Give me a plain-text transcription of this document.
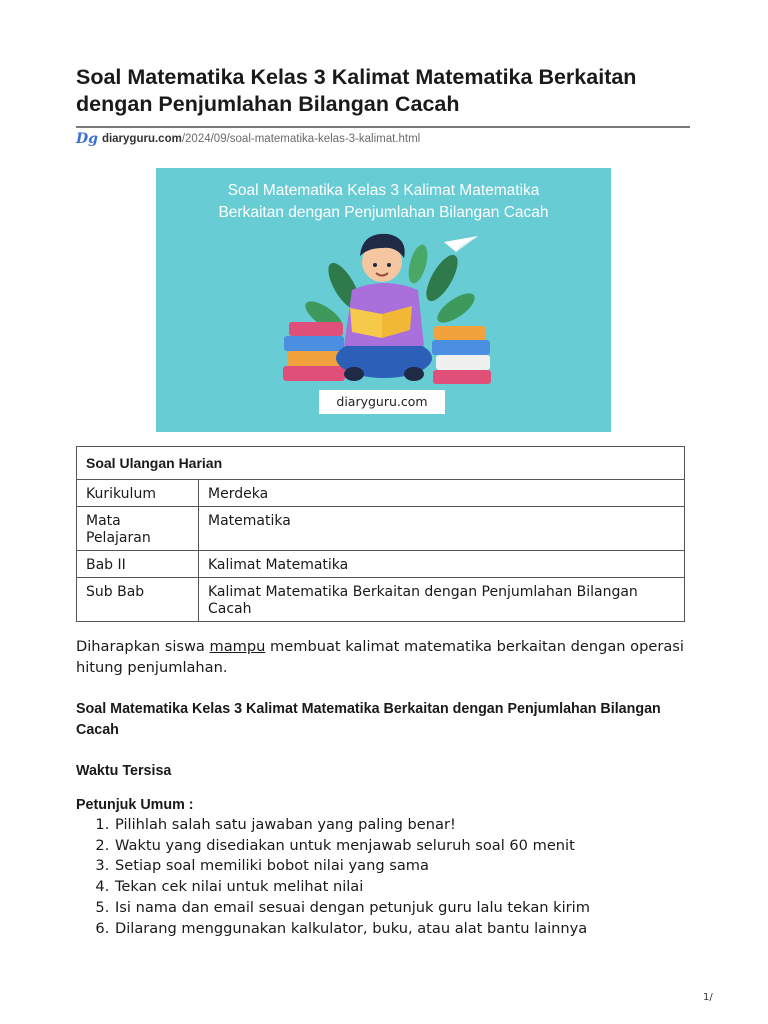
Soal Matematika Kelas 3 Kalimat Matematika Berkaitan dengan Penjumlahan Bilangan Cacah
Dg diaryguru.com /2024/09/soal-matematika-kelas-3-kalimat.html
Soal Matematika Kelas 3 Kalimat Matematika
Berkaitan dengan Penjumlahan Bilangan Cacah
diaryguru.com
Soal Ulangan Harian	
Kurikulum	Merdeka
Mata Pelajaran	Matematika
Bab II	Kalimat Matematika
Sub Bab	Kalimat Matematika Berkaitan dengan Penjumlahan Bilangan Cacah
Diharapkan siswa mampu membuat kalimat matematika berkaitan dengan operasi hitung penjumlahan.
Soal Matematika Kelas 3 Kalimat Matematika Berkaitan dengan Penjumlahan Bilangan Cacah
Waktu Tersisa
Petunjuk Umum :
1. Pilihlah salah satu jawaban yang paling benar!
2. Waktu yang disediakan untuk menjawab seluruh soal 60 menit
3. Setiap soal memiliki bobot nilai yang sama
4. Tekan cek nilai untuk melihat nilai
5. Isi nama dan email sesuai dengan petunjuk guru lalu tekan kirim
6. Dilarang menggunakan kalkulator, buku, atau alat bantu lainnya
1/
